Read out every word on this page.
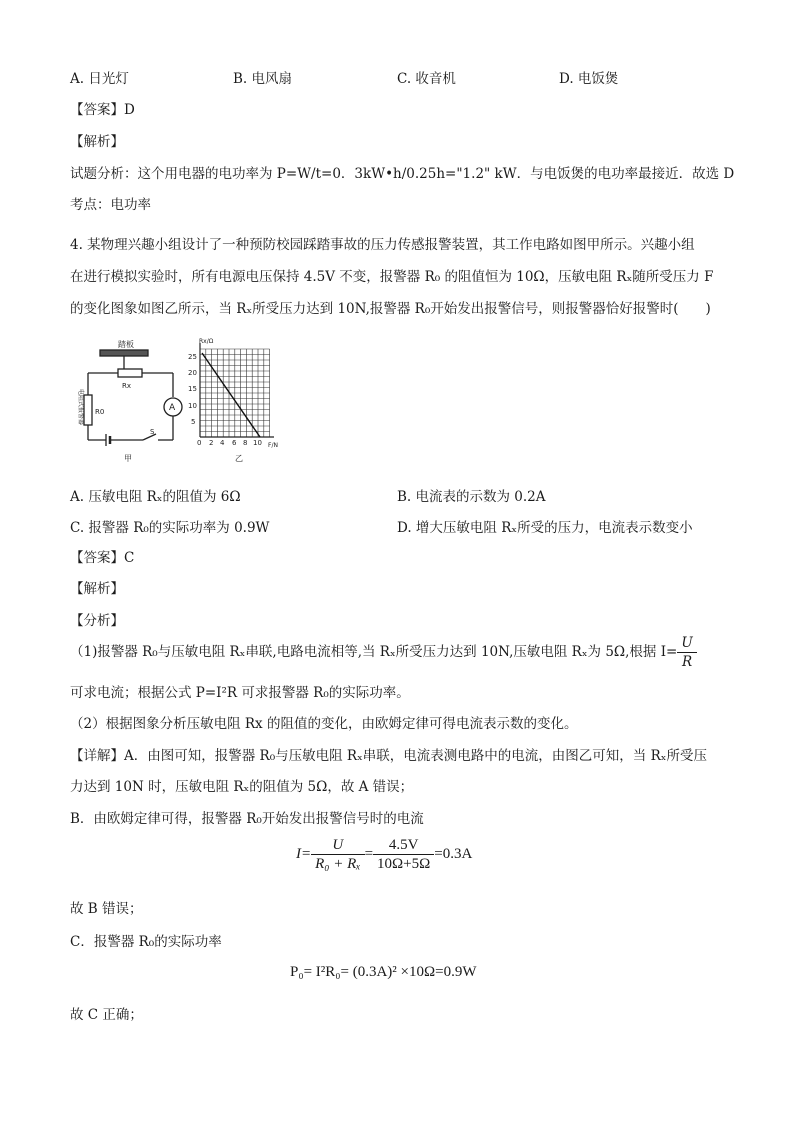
A. 日光灯	B. 电风扇	C. 收音机	D. 电饭煲
【答案】D
【解析】
试题分析：这个用电器的电功率为 P=W/t=0．3kW•h/0.25h="1.2" kW．与电饭煲的电功率最接近．故选 D
考点：电功率
4. 某物理兴趣小组设计了一种预防校园踩踏事故的压力传感报警装置，其工作电路如图甲所示。兴趣小组
在进行模拟实验时，所有电源电压保持 4.5V 不变，报警器 R₀ 的阻值恒为 10Ω，压敏电阻 Rₓ随所受压力 F
的变化图象如图乙所示，当 Rₓ所受压力达到 10N,报警器 R₀开始发出报警信号，则报警器恰好报警时(　　)
踏板
Rx
R0
电阻式报警器	A
S
甲
Rx/Ω
F/N
25
20
15
10
5
0 2 4 6 8 10
乙
A. 压敏电阻 Rₓ的阻值为 6Ω	B. 电流表的示数为 0.2A
C. 报警器 R₀的实际功率为 0.9W	D. 增大压敏电阻 Rₓ所受的压力，电流表示数变小
【答案】C
【解析】
【分析】
（1)报警器 R₀与压敏电阻 Rₓ串联,电路电流相等,当 Rₓ所受压力达到 10N,压敏电阻 Rₓ为 5Ω,根据 $I= \frac{U}{R}$
可求电流；根据公式 P=I²R 可求报警器 R₀的实际功率。
（2）根据图象分析压敏电阻 Rx 的阻值的变化，由欧姆定律可得电流表示数的变化。
【详解】A．由图可知，报警器 R₀与压敏电阻 Rₓ串联，电流表测电路中的电流，由图乙可知，当 Rₓ所受压
力达到 10N 时，压敏电阻 Rₓ的阻值为 5Ω，故 A 错误；
B．由欧姆定律可得，报警器 R₀开始发出报警信号时的电流
$I= \frac{U}{\text{R₀ + Rₓ}} = \frac{4.5V}{10\Omega+5\Omega} =0.3A$
故 B 错误；
C．报警器 R₀的实际功率
P₀= I²R₀= (0.3A)² ×10Ω=0.9W
故 C 正确；
